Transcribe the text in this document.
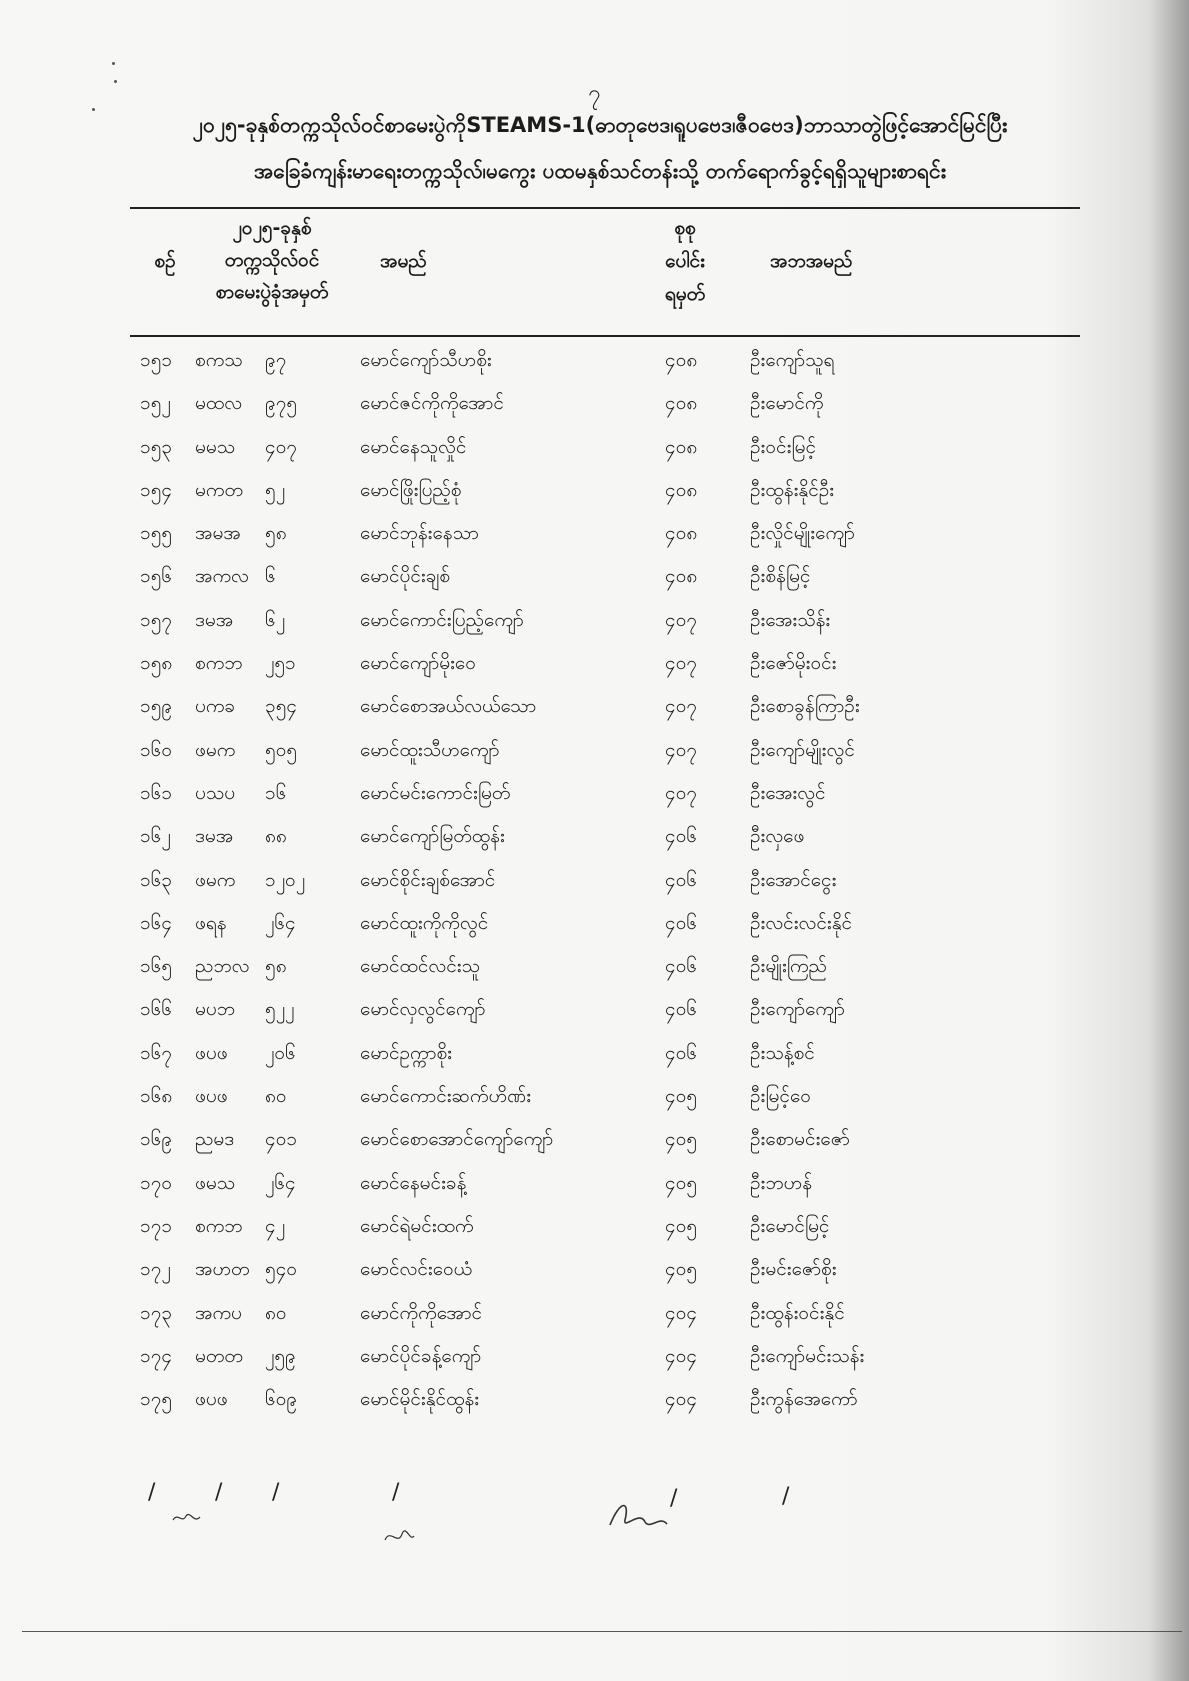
၇
၂၀၂၅-ခုနှစ်တက္ကသိုလ်ဝင်စာမေးပွဲကိုSTEAMS-1(ဓာတုဗေဒ၊ရူပဗေဒ၊ဇီဝဗေဒ)ဘာသာတွဲဖြင့်အောင်မြင်ပြီး
အခြေခံကျန်းမာရေးတက္ကသိုလ်၊မကွေး ပထမနှစ်သင်တန်းသို့ တက်ရောက်ခွင့်ရရှိသူများစာရင်း
စဉ်
၂၀၂၅-ခုနှစ်
တက္ကသိုလ်ဝင်
စာမေးပွဲခုံအမှတ်
အမည်
စုစု
ပေါင်း
ရမှတ်
အဘအမည်
၁၅၁ စကသ ၉၇	မောင်ကျော်သီဟစိုး	၄၀၈	ဦးကျော်သူရ
၁၅၂ မထလ ၉၇၅	မောင်ဇင်ကိုကိုအောင်	၄၀၈	ဦးမောင်ကို
၁၅၃ မမသ ၄၀၇	မောင်နေသူလှိုင်	၄၀၈	ဦးဝင်းမြင့်
၁၅၄ မကတ ၅၂	မောင်ဖြိုးပြည့်စုံ	၄၀၈	ဦးထွန်းနိုင်ဦး
၁၅၅ အမအ ၅၈	မောင်ဘုန်းနေသာ	၄၀၈	ဦးလှိုင်မျိုးကျော်
၁၅၆ အကလ ၆	မောင်ပိုင်းချစ်	၄၀၈	ဦးစိန်မြင့်
၁၅၇ ဒမအ ၆၂	မောင်ကောင်းပြည့်ကျော်	၄၀၇	ဦးအေးသိန်း
၁၅၈ စကဘ ၂၅၁	မောင်ကျော်မိုးဝေ	၄၀၇	ဦးဇော်မိုးဝင်း
၁၅၉ ပကခ ၃၅၄	မောင်စောအယ်လယ်သော	၄၀၇	ဦးစောခွန်ကြာဦး
၁၆၀ ဖမက ၅၀၅	မောင်ထူးသီဟကျော်	၄၀၇	ဦးကျော်မျိုးလွင်
၁၆၁ ပသပ ၁၆	မောင်မင်းကောင်းမြတ်	၄၀၇	ဦးအေးလွင်
၁၆၂ ဒမအ ၈၈	မောင်ကျော်မြတ်ထွန်း	၄၀၆	ဦးလှဖေ
၁၆၃ ဖမက ၁၂၀၂	မောင်စိုင်းချစ်အောင်	၄၀၆	ဦးအောင်ငွေး
၁၆၄ ဖရန ၂၆၄	မောင်ထူးကိုကိုလွင်	၄၀၆	ဦးလင်းလင်းနိုင်
၁၆၅ ညဘလ ၅၈	မောင်ထင်လင်းသူ	၄၀၆	ဦးမျိုးကြည်
၁၆၆ မပဘ ၅၂၂	မောင်လှလွင်ကျော်	၄၀၆	ဦးကျော်ကျော်
၁၆၇ ဖပဖ ၂၀၆	မောင်ဥက္ကာစိုး	၄၀၆	ဦးသန့်စင်
၁၆၈ ဖပဖ ၈၀	မောင်ကောင်းဆက်ဟိဏ်း	၄၀၅	ဦးမြင့်ဝေ
၁၆၉ ညမဒ ၄၀၁	မောင်စောအောင်ကျော်ကျော်	၄၀၅	ဦးစောမင်းဇော်
၁၇၀ ဖမသ ၂၆၄	မောင်နေမင်းခန့်	၄၀၅	ဦးဘဟန်
၁၇၁ စကဘ ၄၂	မောင်ရဲမင်းထက်	၄၀၅	ဦးမောင်မြင့်
၁၇၂ အဟတ ၅၄၀	မောင်လင်းဝေယံ	၄၀၅	ဦးမင်းဇော်စိုး
၁၇၃ အကပ ၈၀	မောင်ကိုကိုအောင်	၄၀၄	ဦးထွန်းဝင်းနိုင်
၁၇၄ မတတ ၂၅၉	မောင်ပိုင်ခန့်ကျော်	၄၀၄	ဦးကျော်မင်းသန်း
၁၇၅ ဖပဖ ၆၀၉	မောင်မိုင်းနိုင်ထွန်း	၄၀၄	ဦးကွန်အေကော်
/	/ /	/	/	/
